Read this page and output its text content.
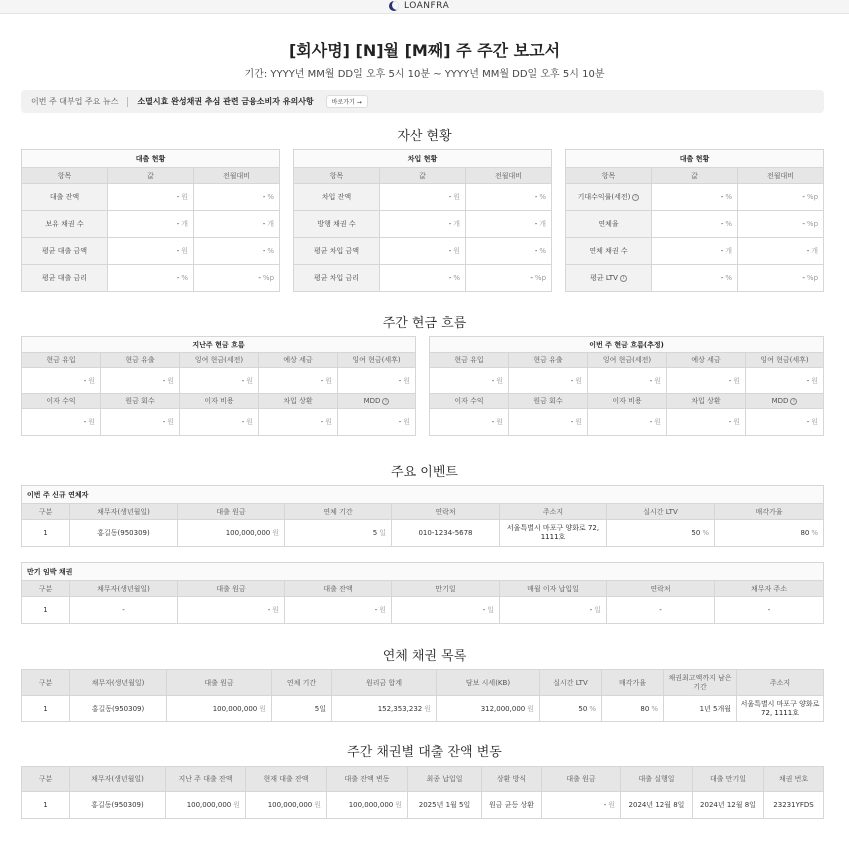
LOANFRA
[회사명] [N]월 [M째] 주 주간 보고서
기간: YYYY년 MM월 DD일 오후 5시 10분 ~ YYYY년 MM월 DD일 오후 5시 10분
이번 주 대부업 주요 뉴스 소멸시효 완성채권 추심 관련 금융소비자 유의사항	바로가기 →
자산 현황
대출 현황		
항목	값	전월대비
대출 잔액	- 원	- %
보유 채권 수	- 개	- 개
평균 대출 금액	- 원	- %
평균 대출 금리	- %	- %p
차입 현황		
항목	값	전월대비
차입 잔액	- 원	- %
방행 채권 수	- 개	- 개
평균 차입 금액	- 원	- %
평균 차입 금리	- %	- %p
대출 현황		
항목	값	전월대비
기대수익률(세전) i	- %	- %p
연체율	- %	- %p
연체 채권 수	- 개	- 개
평균 LTV i	- %	- %p
주간 현금 흐름
지난주 현금 흐름				
현금 유입	현금 유출	잉여 현금(세전)	예상 세금	잉여 현금(세후)
- 원	- 원	- 원	- 원	- 원
이자 수익	원금 회수	이자 비용	차입 상환	MDD i
- 원	- 원	- 원	- 원	- 원
이번 주 현금 흐름(추정)				
현금 유입	현금 유출	잉여 현금(세전)	예상 세금	잉여 현금(세후)
- 원	- 원	- 원	- 원	- 원
이자 수익	원금 회수	이자 비용	차입 상환	MDD i
- 원	- 원	- 원	- 원	- 원
주요 이벤트
이번 주 신규 연체자							
구분	채무자(생년월일)	대출 원금	연체 기간	연락처	주소지	실시간 LTV	매각가율
1	홍길동(950309)	100,000,000 원	5 일	010-1234-5678	서울특별시 마포구 양화로 72, 1111호	50 %	80 %
만기 임박 채권							
구분	채무자(생년월일)	대출 원금	대출 잔액	만기일	매월 이자 납입일	연락처	채무자 주소
1	-	- 원	- 원	- 일	- 일	-	-
연체 채권 목록
구분	채무자(생년월일)	대출 원금	연체 기간	원리금 합계	담보 시세(KB)	실시간 LTV	매각가율	채권최고액까지 남은 기간	주소지
1	홍길동(950309)	100,000,000 원	5일	152,353,232 원	312,000,000 원	50 %	80 %	1년 5개월	서울특별시 마포구 양화로 72, 1111호
주간 채권별 대출 잔액 변동
구분	채무자(생년월일)	지난 주 대출 잔액	현재 대출 잔액	대출 잔액 변동	최종 납입일	상환 방식	대출 원금	대출 실행일	대출 만기일	채권 번호
1	홍길동(950309)	100,000,000 원	100,000,000 원	100,000,000 원	2025년 1월 5일	원금 균등 상환	- 원	2024년 12월 8일	2024년 12월 8일	23231YFDS
